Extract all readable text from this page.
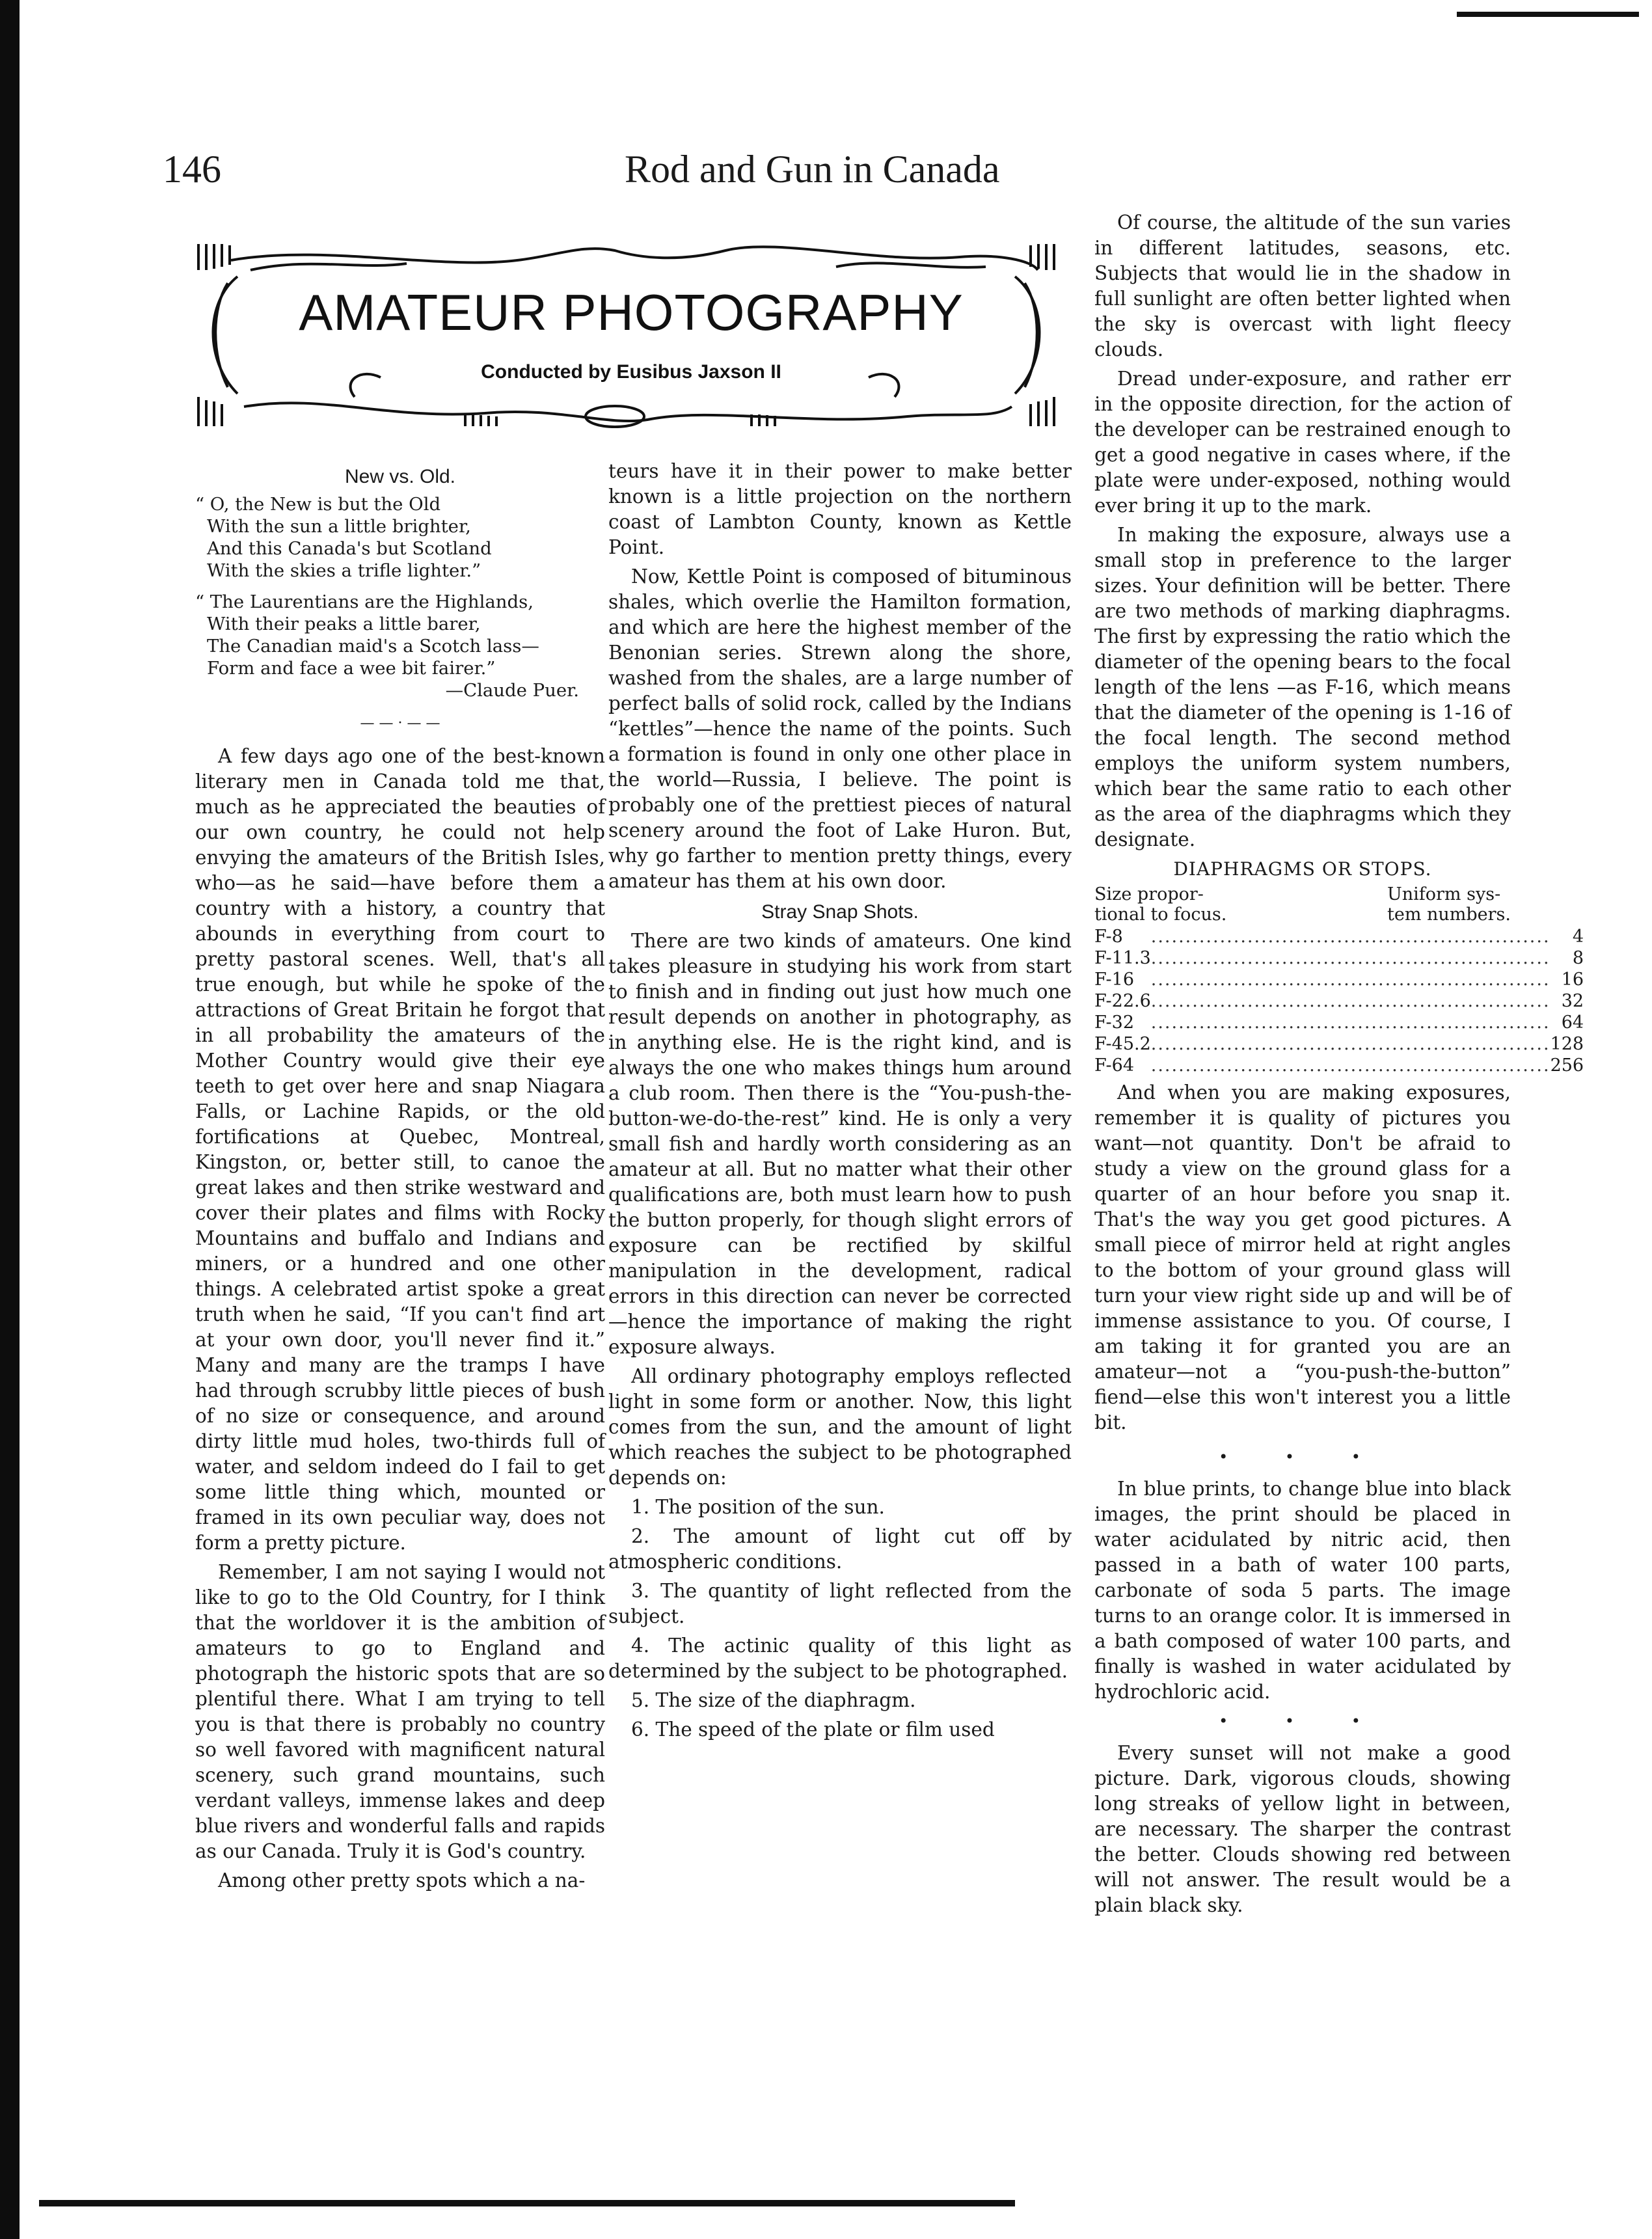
146	Rod and Gun in Canada
AMATEUR PHOTOGRAPHY
Conducted by Eusibus Jaxson II
New vs. Old.
“ O, the New is but the Old
With the sun a little brighter,
And this Canada's but Scotland
With the skies a trifle lighter.”
“ The Laurentians are the Highlands,
With their peaks a little barer,
The Canadian maid's a Scotch lass—
Form and face a wee bit fairer.”
—Claude Puer.
— — · — —

A few days ago one of the best-known literary men in Canada told me that, much as he appreciated the beauties of our own country, he could not help envying the amateurs of the British Isles, who—as he said—have before them a country with a history, a country that abounds in everything from court to pretty pastoral scenes. Well, that's all true enough, but while he spoke of the attractions of Great Britain he forgot that in all probability the amateurs of the Mother Country would give their eye teeth to get over here and snap Niagara Falls, or Lachine Rapids, or the old fortifications at Quebec, Montreal, Kingston, or, better still, to canoe the great lakes and then strike westward and cover their plates and films with Rocky Mountains and buffalo and Indians and miners, or a hundred and one other things. A celebrated artist spoke a great truth when he said, “If you can't find art at your own door, you'll never find it.” Many and many are the tramps I have had through scrubby little pieces of bush of no size or consequence, and around dirty little mud holes, two-thirds full of water, and seldom indeed do I fail to get some little thing which, mounted or framed in its own peculiar way, does not form a pretty picture.

Remember, I am not saying I would not like to go to the Old Country, for I think that the worldover it is the ambition of amateurs to go to England and photograph the historic spots that are so plentiful there. What I am trying to tell you is that there is probably no country so well favored with magnificent natural scenery, such grand mountains, such verdant valleys, immense lakes and deep blue rivers and wonderful falls and rapids as our Canada. Truly it is God's country.

Among other pretty spots which a na-

teurs have it in their power to make better known is a little projection on the northern coast of Lambton County, known as Kettle Point.

Now, Kettle Point is composed of bituminous shales, which overlie the Hamilton formation, and which are here the highest member of the Benonian series. Strewn along the shore, washed from the shales, are a large number of perfect balls of solid rock, called by the Indians “kettles”—hence the name of the points. Such a formation is found in only one other place in the world—Russia, I believe. The point is probably one of the prettiest pieces of natural scenery around the foot of Lake Huron. But, why go farther to mention pretty things, every amateur has them at his own door.

Stray Snap Shots.

There are two kinds of amateurs. One kind takes pleasure in studying his work from start to finish and in finding out just how much one result depends on another in photography, as in anything else. He is the right kind, and is always the one who makes things hum around a club room. Then there is the “You-push-the-button-we-do-the-rest” kind. He is only a very small fish and hardly worth considering as an amateur at all. But no matter what their other qualifications are, both must learn how to push the button properly, for though slight errors of exposure can be rectified by skilful manipulation in the development, radical errors in this direction can never be corrected—hence the importance of making the right exposure always.

All ordinary photography employs reflected light in some form or another. Now, this light comes from the sun, and the amount of light which reaches the subject to be photographed depends on:

1. The position of the sun.

2. The amount of light cut off by atmospheric conditions.

3. The quantity of light reflected from the subject.

4. The actinic quality of this light as determined by the subject to be photographed.

5. The size of the diaphragm.

6. The speed of the plate or film used

Of course, the altitude of the sun varies in different latitudes, seasons, etc. Subjects that would lie in the shadow in full sunlight are often better lighted when the sky is overcast with light fleecy clouds.

Dread under-exposure, and rather err in the opposite direction, for the action of the developer can be restrained enough to get a good negative in cases where, if the plate were under-exposed, nothing would ever bring it up to the mark.

In making the exposure, always use a small stop in preference to the larger sizes. Your definition will be better. There are two methods of marking diaphragms. The first by expressing the ratio which the diameter of the opening bears to the focal length of the lens —as F-16, which means that the diameter of the opening is 1-16 of the focal length. The second method employs the uniform system numbers, which bear the same ratio to each other as the area of the diaphragms which they designate.

DIAPHRAGMS OR STOPS.
Size propor-
tional to focus.
Uniform sys-
tem numbers.
F-8	..........................................................	4
F-11.3	..........................................................	8
F-16	..........................................................	16
F-22.6	..........................................................	32
F-32	..........................................................	64
F-45.2	..........................................................	128
F-64	..........................................................	256

And when you are making exposures, remember it is quality of pictures you want—not quantity. Don't be afraid to study a view on the ground glass for a quarter of an hour before you snap it. That's the way you get good pictures. A small piece of mirror held at right angles to the bottom of your ground glass will turn your view right side up and will be of immense assistance to you. Of course, I am taking it for granted you are an amateur—not a “you-push-the-button” fiend—else this won't interest you a little bit.

• • •

In blue prints, to change blue into black images, the print should be placed in water acidulated by nitric acid, then passed in a bath of water 100 parts, carbonate of soda 5 parts. The image turns to an orange color. It is immersed in a bath composed of water 100 parts, and finally is washed in water acidulated by hydrochloric acid.

• • •

Every sunset will not make a good picture. Dark, vigorous clouds, showing long streaks of yellow light in between, are necessary. The sharper the contrast the better. Clouds showing red between will not answer. The result would be a plain black sky.
